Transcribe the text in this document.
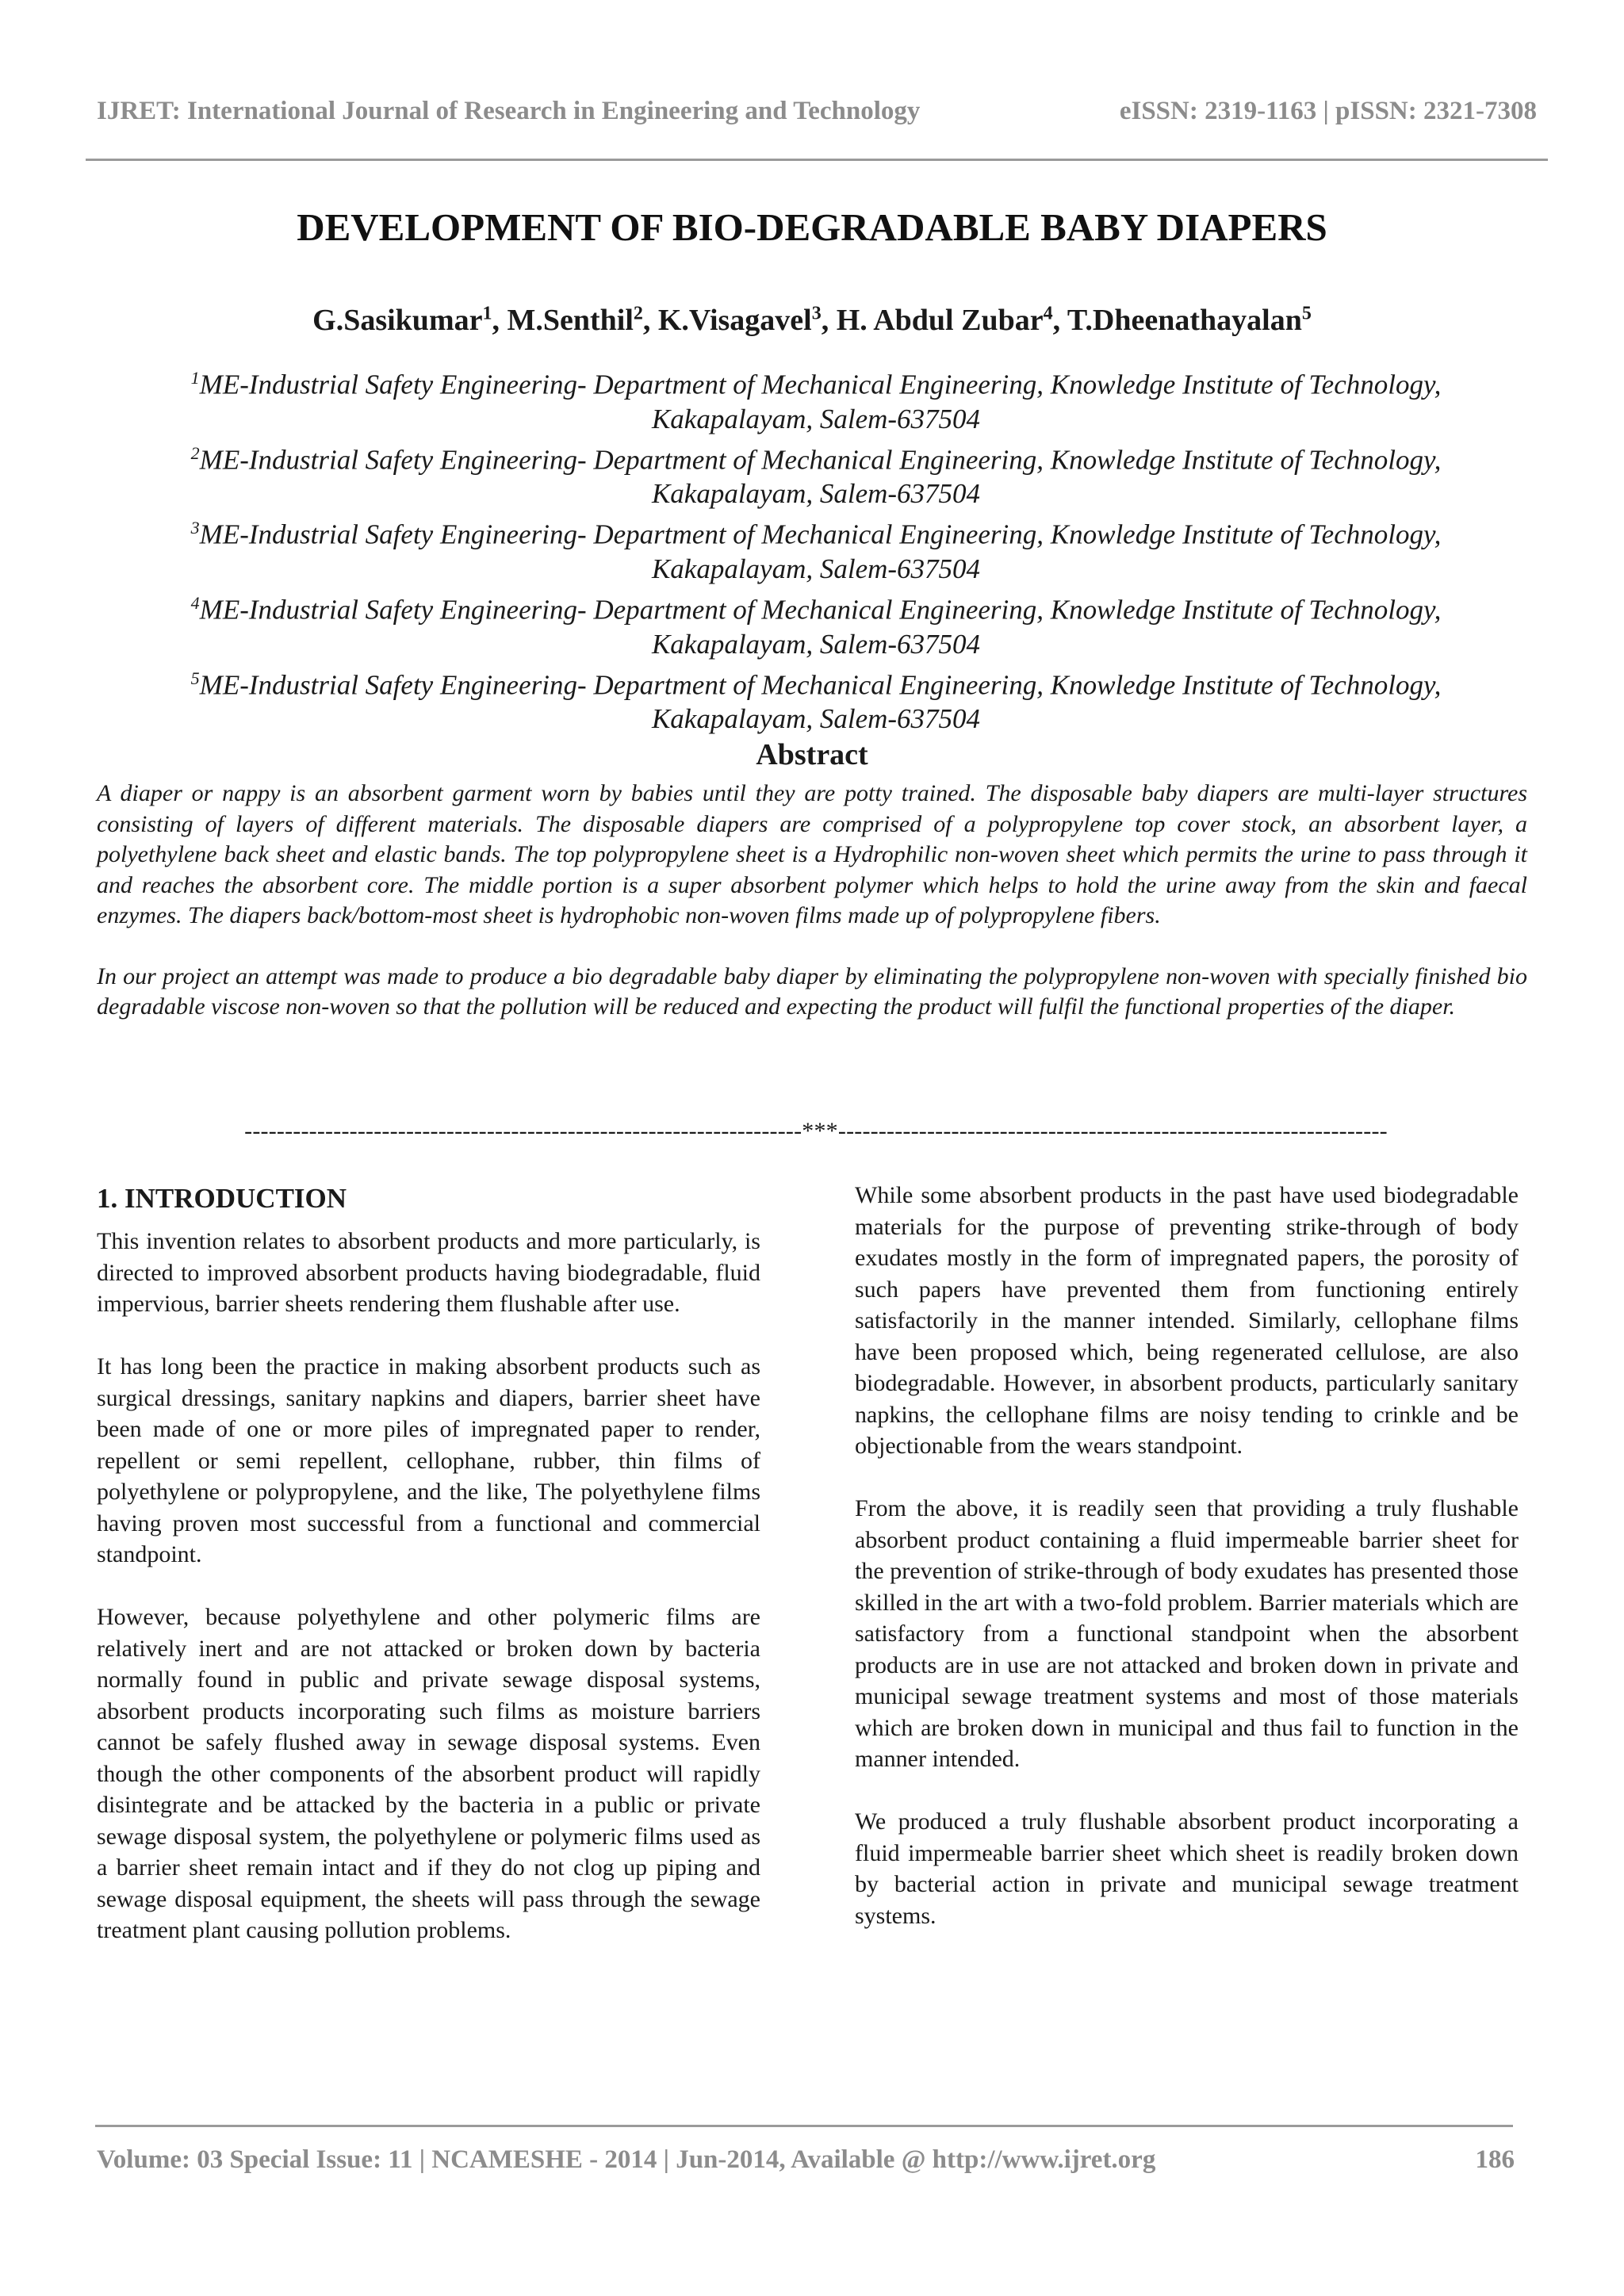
IJRET: International Journal of Research in Engineering and Technology	eISSN: 2319-1163 | pISSN: 2321-7308
DEVELOPMENT OF BIO-DEGRADABLE BABY DIAPERS
G.Sasikumar$^1$, M.Senthil$^2$, K.Visagavel$^3$, H. Abdul Zubar$^4$, T.Dheenathayalan$^5$

$^1$ME-Industrial Safety Engineering- Department of Mechanical Engineering, Knowledge Institute of Technology,
Kakapalayam, Salem-637504

$^2$ME-Industrial Safety Engineering- Department of Mechanical Engineering, Knowledge Institute of Technology,
Kakapalayam, Salem-637504

$^3$ME-Industrial Safety Engineering- Department of Mechanical Engineering, Knowledge Institute of Technology,
Kakapalayam, Salem-637504

$^4$ME-Industrial Safety Engineering- Department of Mechanical Engineering, Knowledge Institute of Technology,
Kakapalayam, Salem-637504

$^5$ME-Industrial Safety Engineering- Department of Mechanical Engineering, Knowledge Institute of Technology,
Kakapalayam, Salem-637504

Abstract

A diaper or nappy is an absorbent garment worn by babies until they are potty trained. The disposable baby diapers are multi-layer structures consisting of layers of different materials. The disposable diapers are comprised of a polypropylene top cover stock, an absorbent layer, a polyethylene back sheet and elastic bands. The top polypropylene sheet is a Hydrophilic non-woven sheet which permits the urine to pass through it and reaches the absorbent core. The middle portion is a super absorbent polymer which helps to hold the urine away from the skin and faecal enzymes. The diapers back/bottom-most sheet is hydrophobic non-woven films made up of polypropylene fibers.

In our project an attempt was made to produce a bio degradable baby diaper by eliminating the polypropylene non-woven with specially finished bio degradable viscose non-woven so that the pollution will be reduced and expecting the product will fulfil the functional properties of the diaper.

---------------------------------------------------------------------***--------------------------------------------------------------------
1. INTRODUCTION

This invention relates to absorbent products and more particularly, is directed to improved absorbent products having biodegradable, fluid impervious, barrier sheets rendering them flushable after use.

It has long been the practice in making absorbent products such as surgical dressings, sanitary napkins and diapers, barrier sheet have been made of one or more piles of impregnated paper to render, repellent or semi repellent, cellophane, rubber, thin films of polyethylene or polypropylene, and the like, The polyethylene films having proven most successful from a functional and commercial standpoint.

However, because polyethylene and other polymeric films are relatively inert and are not attacked or broken down by bacteria normally found in public and private sewage disposal systems, absorbent products incorporating such films as moisture barriers cannot be safely flushed away in sewage disposal systems. Even though the other components of the absorbent product will rapidly disintegrate and be attacked by the bacteria in a public or private sewage disposal system, the polyethylene or polymeric films used as a barrier sheet remain intact and if they do not clog up piping and sewage disposal equipment, the sheets will pass through the sewage treatment plant causing pollution problems.

While some absorbent products in the past have used biodegradable materials for the purpose of preventing strike-through of body exudates mostly in the form of impregnated papers, the porosity of such papers have prevented them from functioning entirely satisfactorily in the manner intended. Similarly, cellophane films have been proposed which, being regenerated cellulose, are also biodegradable. However, in absorbent products, particularly sanitary napkins, the cellophane films are noisy tending to crinkle and be objectionable from the wears standpoint.

From the above, it is readily seen that providing a truly flushable absorbent product containing a fluid impermeable barrier sheet for the prevention of strike-through of body exudates has presented those skilled in the art with a two-fold problem. Barrier materials which are satisfactory from a functional standpoint when the absorbent products are in use are not attacked and broken down in private and municipal sewage treatment systems and most of those materials which are broken down in municipal and thus fail to function in the manner intended.

We produced a truly flushable absorbent product incorporating a fluid impermeable barrier sheet which sheet is readily broken down by bacterial action in private and municipal sewage treatment systems.

Volume: 03 Special Issue: 11 | NCAMESHE - 2014 | Jun-2014, Available @ http://www.ijret.org	186
